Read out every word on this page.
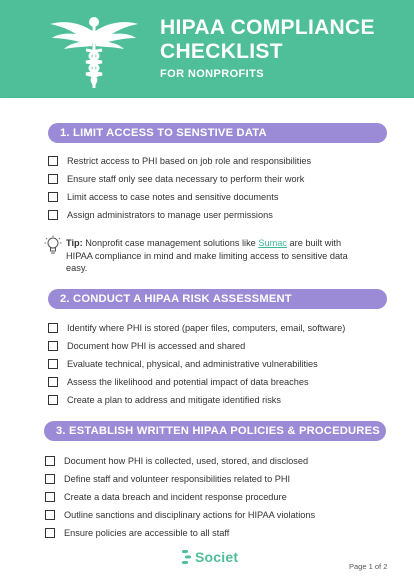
HIPAA COMPLIANCE
CHECKLIST
FOR NONPROFITS
1. LIMIT ACCESS TO SENSTIVE DATA
Restrict access to PHI based on job role and responsibilities
Ensure staff only see data necessary to perform their work
Limit access to case notes and sensitive documents
Assign administrators to manage user permissions

Tip: Nonprofit case management solutions like Sumac are built with HIPAA compliance in mind and make limiting access to sensitive data easy.

2. CONDUCT A HIPAA RISK ASSESSMENT
Identify where PHI is stored (paper files, computers, email, software)
Document how PHI is accessed and shared
Evaluate technical, physical, and administrative vulnerabilities
Assess the likelihood and potential impact of data breaches
Create a plan to address and mitigate identified risks
3. ESTABLISH WRITTEN HIPAA POLICIES & PROCEDURES
Document how PHI is collected, used, stored, and disclosed
Define staff and volunteer responsibilities related to PHI
Create a data breach and incident response procedure
Outline sanctions and disciplinary actions for HIPAA violations
Ensure policies are accessible to all staff
Societ
Page 1 of 2
